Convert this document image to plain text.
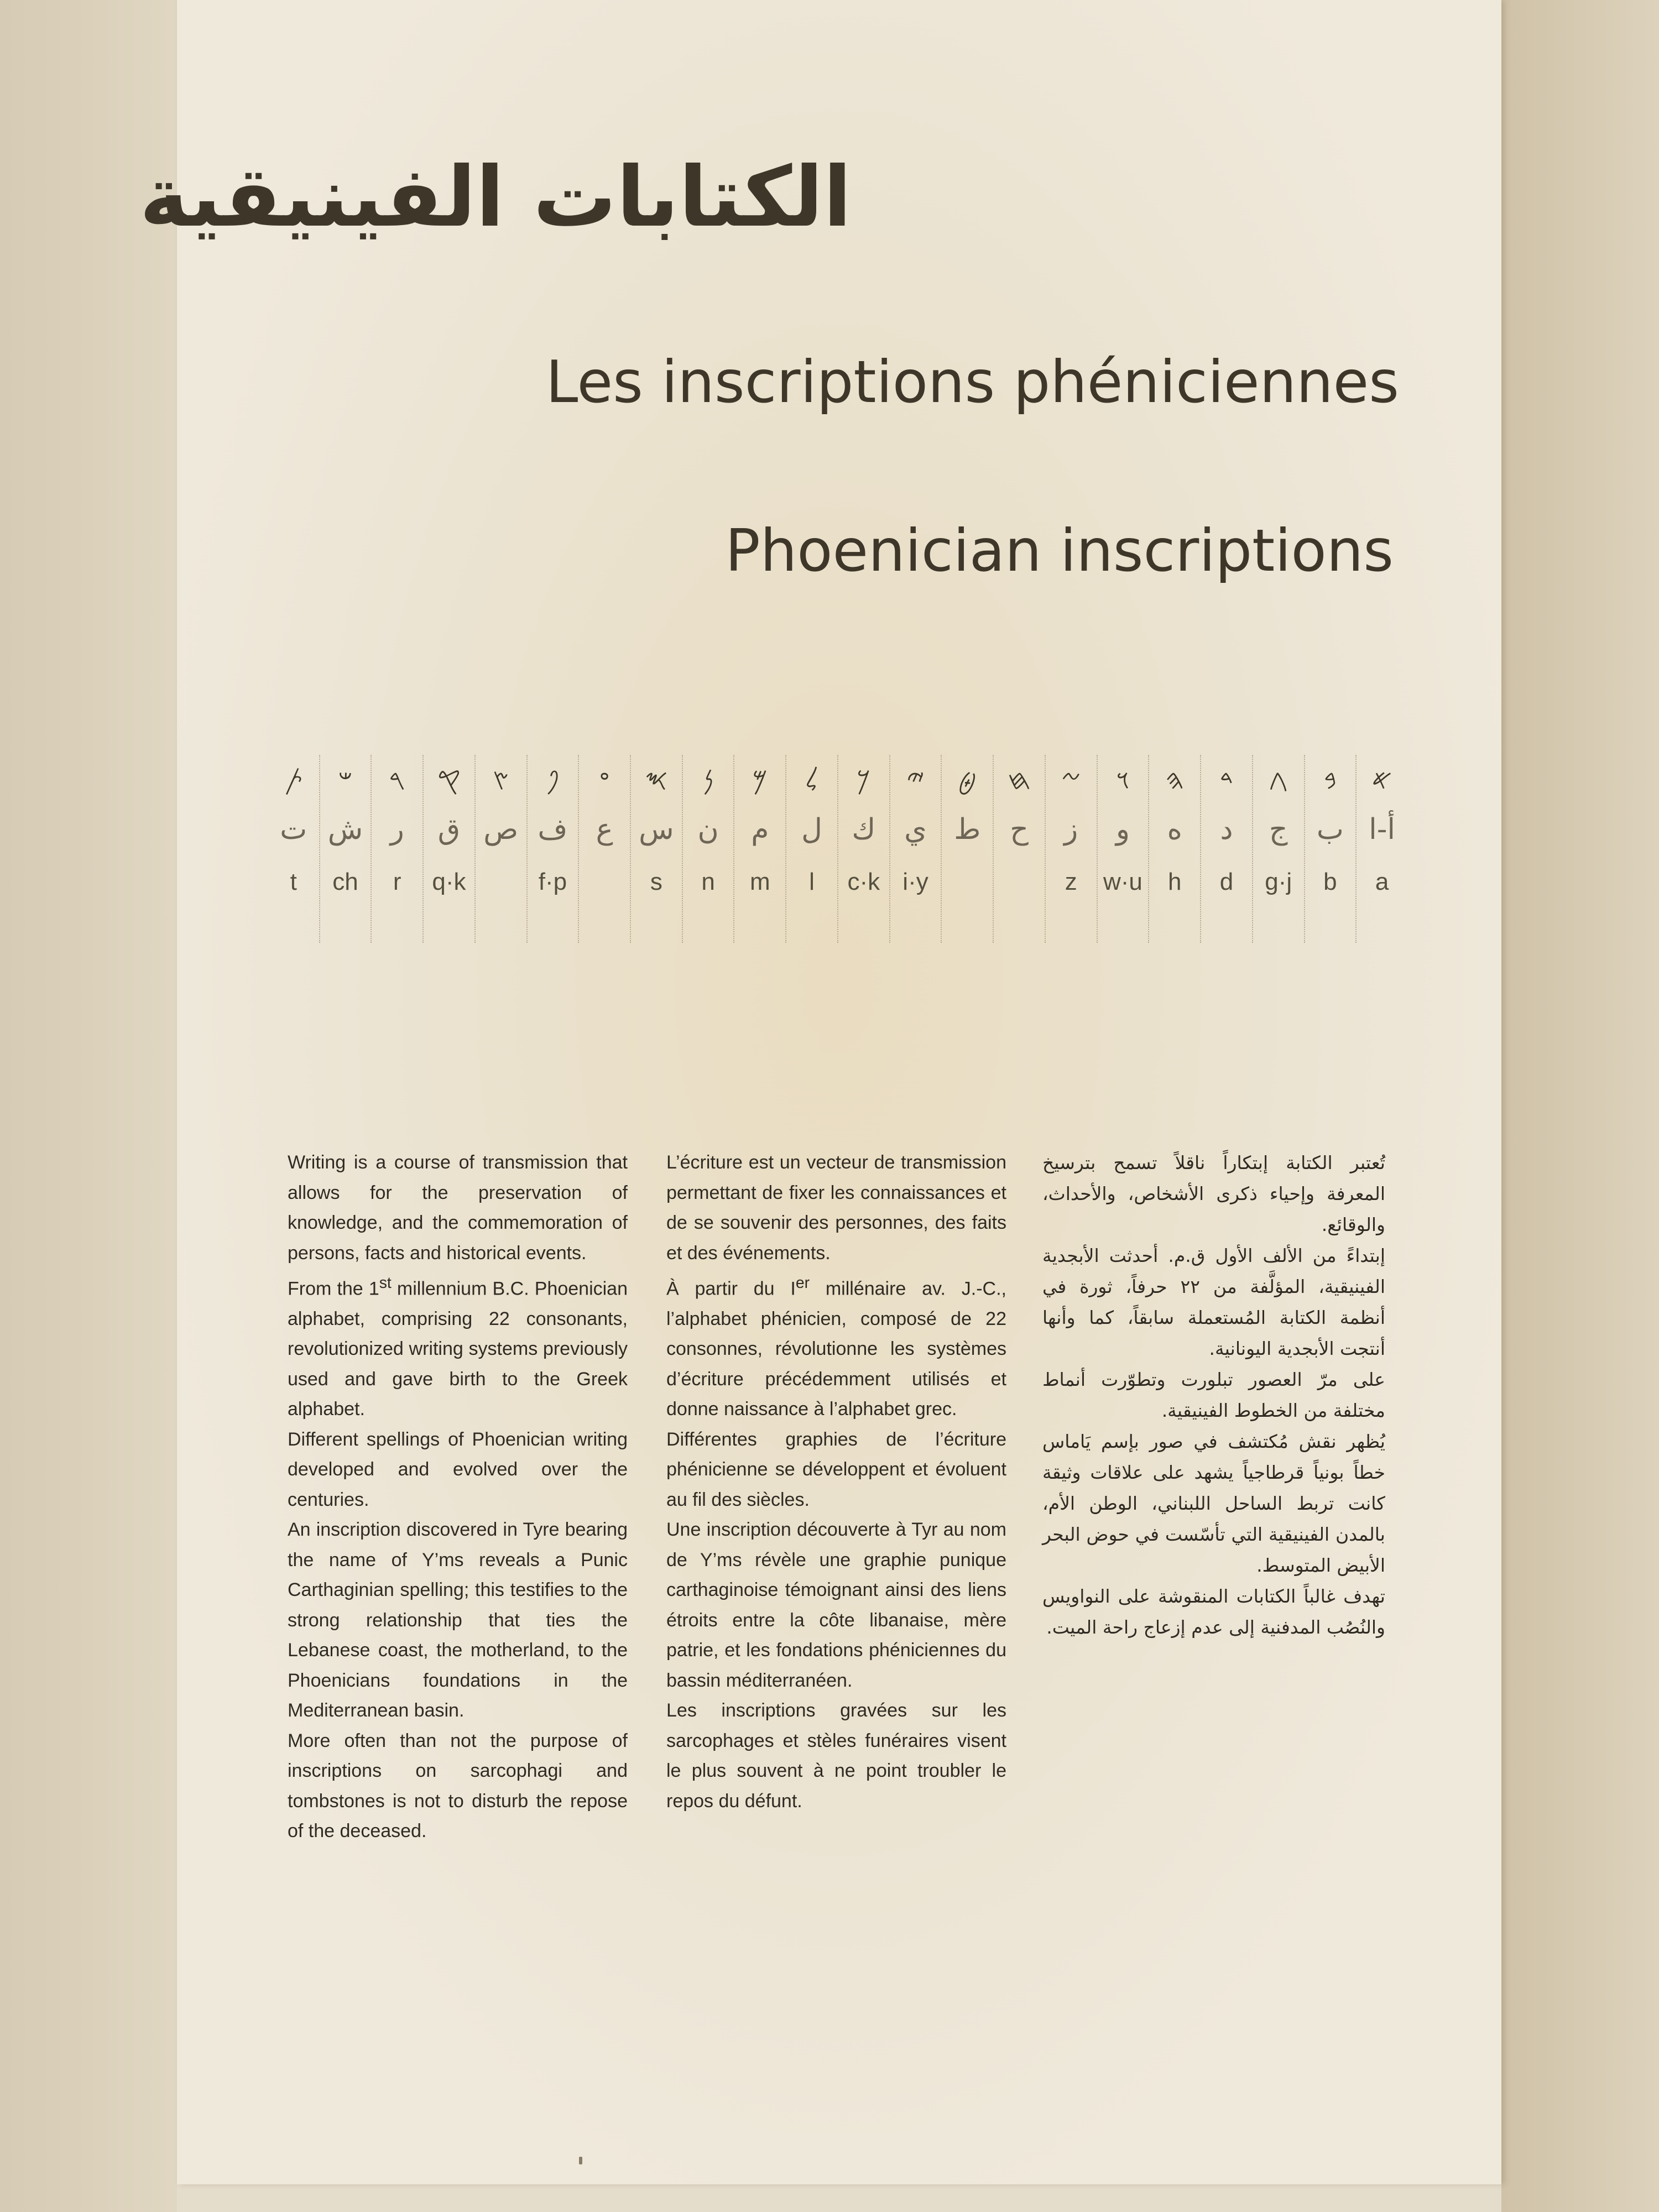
الكتابات الفينيقية
Les inscriptions phéniciennes
Phoenician inscriptions
𐤀
أ-ا
a
𐤁
ب
b
𐤂
ج
g·j
𐤃
د
d
𐤄
ه
h
𐤅
و
w·u
𐤆
ز
z
𐤇
ح
𐤈
ط
𐤉
ي
i·y
𐤊
ك
c·k
𐤋
ل
l
𐤌
م
m
𐤍
ن
n
𐤎
س
s
𐤏
ع
𐤐
ف
f·p
𐤑
ص
𐤒
ق
q·k
𐤓
ر
r
𐤔
ش
ch
𐤕
ت
t

Writing is a course of transmission that allows for the preservation of knowledge, and the commemoration of persons, facts and historical events.

From the 1st millennium B.C. Phoenician alphabet, comprising 22 consonants, revolutionized writing systems previously used and gave birth to the Greek alphabet.

Different spellings of Phoenician writing developed and evolved over the centuries.

An inscription discovered in Tyre bearing the name of Y’ms reveals a Punic Carthaginian spelling; this testifies to the strong relationship that ties the Lebanese coast, the motherland, to the Phoenicians foundations in the Mediterranean basin.

More often than not the purpose of inscriptions on sarcophagi and tombstones is not to disturb the repose of the deceased.

L’écriture est un vecteur de transmission permettant de fixer les connaissances et de se souvenir des personnes, des faits et des événements.

À partir du Ier millénaire av. J.-C., l’alphabet phénicien, composé de 22 consonnes, révolutionne les systèmes d’écriture précédemment utilisés et donne naissance à l’alphabet grec.

Différentes graphies de l’écriture phénicienne se développent et évoluent au fil des siècles.

Une inscription découverte à Tyr au nom de Y’ms révèle une graphie punique carthaginoise témoignant ainsi des liens étroits entre la côte libanaise, mère patrie, et les fondations phéniciennes du bassin méditerranéen.

Les inscriptions gravées sur les sarcophages et stèles funéraires visent le plus souvent à ne point troubler le repos du défunt.

تُعتبر الكتابة إبتكاراً ناقلاً تسمح بترسيخ المعرفة وإحياء ذكرى الأشخاص، والأحداث، والوقائع.

إبتداءً من الألف الأول ق.م. أحدثت الأبجدية الفينيقية، المؤلَّفة من ٢٢ حرفاً، ثورة في أنظمة الكتابة المُستعملة سابقاً، كما وأنها أنتجت الأبجدية اليونانية.

على مرّ العصور تبلورت وتطوّرت أنماط مختلفة من الخطوط الفينيقية.

يُظهر نقش مُكتشف في صور بإسم يَاماس خطاً بونياً قرطاجياً يشهد على علاقات وثيقة كانت تربط الساحل اللبناني، الوطن الأم، بالمدن الفينيقية التي تأسّست في حوض البحر الأبيض المتوسط.

تهدف غالباً الكتابات المنقوشة على النواويس والنُصُب المدفنية إلى عدم إزعاج راحة الميت.
